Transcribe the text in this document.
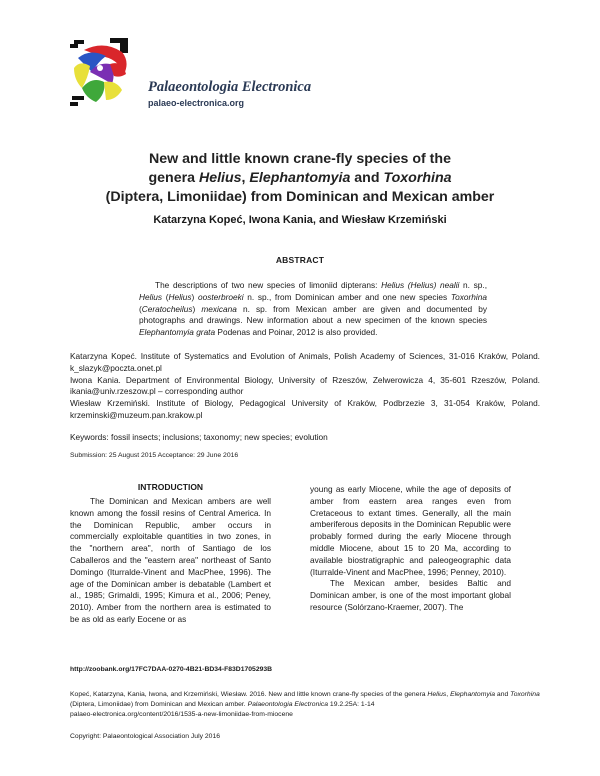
Palaeontologia Electronica
palaeo-electronica.org
New and little known crane-fly species of the
genera Helius, Elephantomyia and Toxorhina
(Diptera, Limoniidae) from Dominican and Mexican amber
Katarzyna Kopeć, Iwona Kania, and Wiesław Krzemiński
ABSTRACT

The descriptions of two new species of limoniid dipterans: Helius (Helius) nealii n. sp., Helius (Helius) oosterbroeki n. sp., from Dominican amber and one new species Toxorhina (Ceratocheilus) mexicana n. sp. from Mexican amber are given and documented by photographs and drawings. New information about a new specimen of the known species Elephantomyia grata Podenas and Poinar, 2012 is also provided.

Katarzyna Kopeć. Institute of Systematics and Evolution of Animals, Polish Academy of Sciences, 31-016 Kraków, Poland. k_slazyk@poczta.onet.pl
Iwona Kania. Department of Environmental Biology, University of Rzeszów, Zelwerowicza 4, 35-601 Rzeszów, Poland. ikania@univ.rzeszow.pl – corresponding author
Wiesław Krzemiński. Institute of Biology, Pedagogical University of Kraków, Podbrzezie 3, 31-054 Kraków, Poland. krzeminski@muzeum.pan.krakow.pl

Keywords: fossil insects; inclusions; taxonomy; new species; evolution
Submission: 25 August 2015 Acceptance: 29 June 2016
INTRODUCTION

The Dominican and Mexican ambers are well known among the fossil resins of Central America. In the Dominican Republic, amber occurs in commercially exploitable quantities in two zones, in the "northern area", north of Santiago de los Caballeros and the "eastern area" northeast of Santo Domingo (Iturralde-Vinent and MacPhee, 1996). The age of the Dominican amber is debatable (Lambert et al., 1985; Grimaldi, 1995; Kimura et al., 2006; Peney, 2010). Amber from the northern area is estimated to be as old as early Eocene or as

young as early Miocene, while the age of deposits of amber from eastern area ranges even from Cretaceous to extant times. Generally, all the main amberiferous deposits in the Dominican Republic were probably formed during the early Miocene through middle Miocene, about 15 to 20 Ma, according to available biostratigraphic and paleogeographic data (Iturralde-Vinent and MacPhee, 1996; Penney, 2010).

The Mexican amber, besides Baltic and Dominican amber, is one of the most important global resource (Solórzano-Kraemer, 2007). The

http://zoobank.org/17FC7DAA-0270-4B21-BD34-F83D1705293B

Kopeć, Katarzyna, Kania, Iwona, and Krzemiński, Wiesław. 2016. New and little known crane-fly species of the genera Helius, Elephantomyia and Toxorhina (Diptera, Limoniidae) from Dominican and Mexican amber. Palaeontologia Electronica 19.2.25A: 1-14
palaeo-electronica.org/content/2016/1535-a-new-limoniidae-from-miocene

Copyright: Palaeontological Association July 2016
